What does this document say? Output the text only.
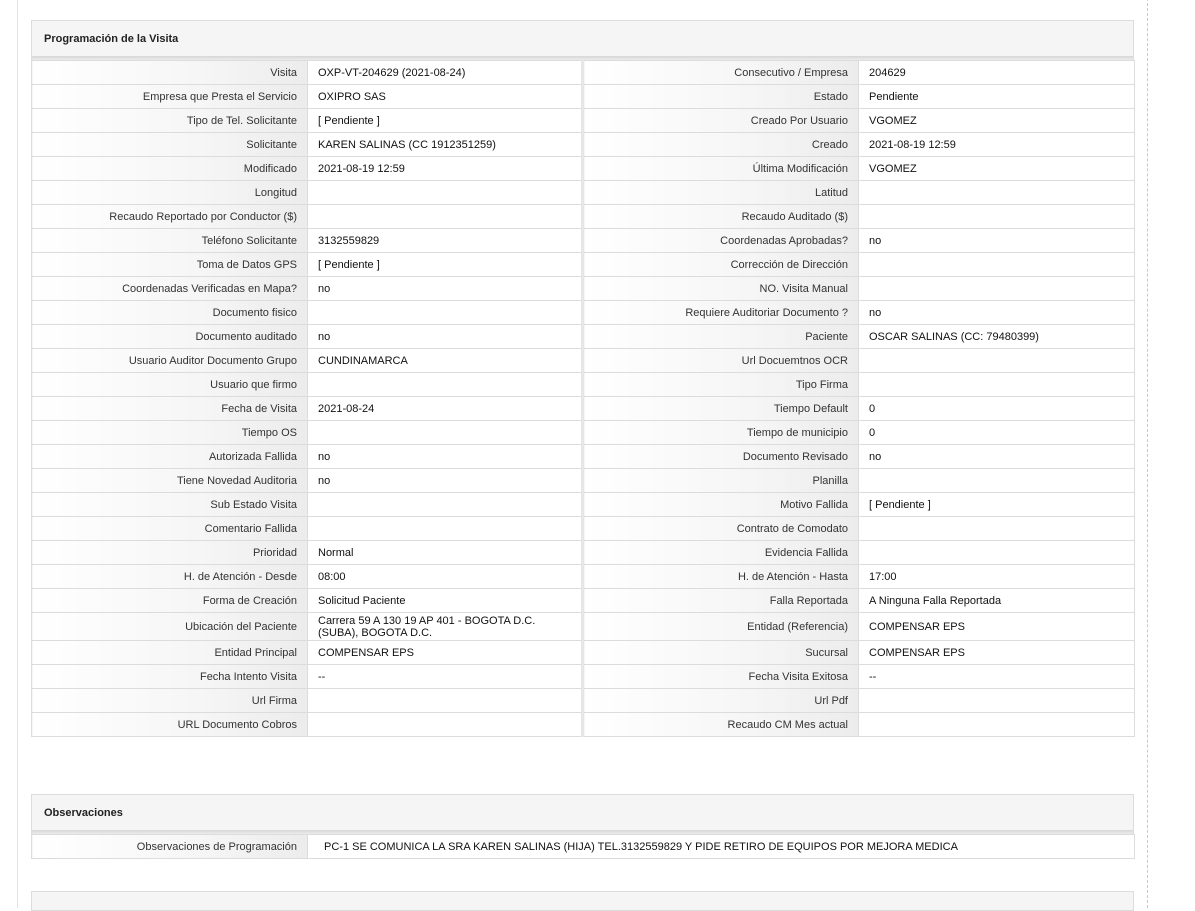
Programación de la Visita
Visita	OXP-VT-204629 (2021-08-24)	Consecutivo / Empresa	204629
Empresa que Presta el Servicio	OXIPRO SAS	Estado	Pendiente
Tipo de Tel. Solicitante	[ Pendiente ]	Creado Por Usuario	VGOMEZ
Solicitante	KAREN SALINAS (CC 1912351259)	Creado	2021-08-19 12:59
Modificado	2021-08-19 12:59	Última Modificación	VGOMEZ
Longitud		Latitud	
Recaudo Reportado por Conductor ($)		Recaudo Auditado ($)	
Teléfono Solicitante	3132559829	Coordenadas Aprobadas?	no
Toma de Datos GPS	[ Pendiente ]	Corrección de Dirección	
Coordenadas Verificadas en Mapa?	no	NO. Visita Manual	
Documento fisico		Requiere Auditoriar Documento ?	no
Documento auditado	no	Paciente	OSCAR SALINAS (CC: 79480399)
Usuario Auditor Documento Grupo	CUNDINAMARCA	Url Docuemtnos OCR	
Usuario que firmo		Tipo Firma	
Fecha de Visita	2021-08-24	Tiempo Default	0
Tiempo OS		Tiempo de municipio	0
Autorizada Fallida	no	Documento Revisado	no
Tiene Novedad Auditoria	no	Planilla	
Sub Estado Visita		Motivo Fallida	[ Pendiente ]
Comentario Fallida		Contrato de Comodato	
Prioridad	Normal	Evidencia Fallida	
H. de Atención - Desde	08:00	H. de Atención - Hasta	17:00
Forma de Creación	Solicitud Paciente	Falla Reportada	A Ninguna Falla Reportada
Ubicación del Paciente	Carrera 59 A 130 19 AP 401 - BOGOTA D.C. (SUBA), BOGOTA D.C.	Entidad (Referencia)	COMPENSAR EPS
Entidad Principal	COMPENSAR EPS	Sucursal	COMPENSAR EPS
Fecha Intento Visita	--	Fecha Visita Exitosa	--
Url Firma		Url Pdf	
URL Documento Cobros		Recaudo CM Mes actual	
Observaciones
Observaciones de Programación	PC-1 SE COMUNICA LA SRA KAREN SALINAS (HIJA) TEL.3132559829 Y PIDE RETIRO DE EQUIPOS POR MEJORA MEDICA
